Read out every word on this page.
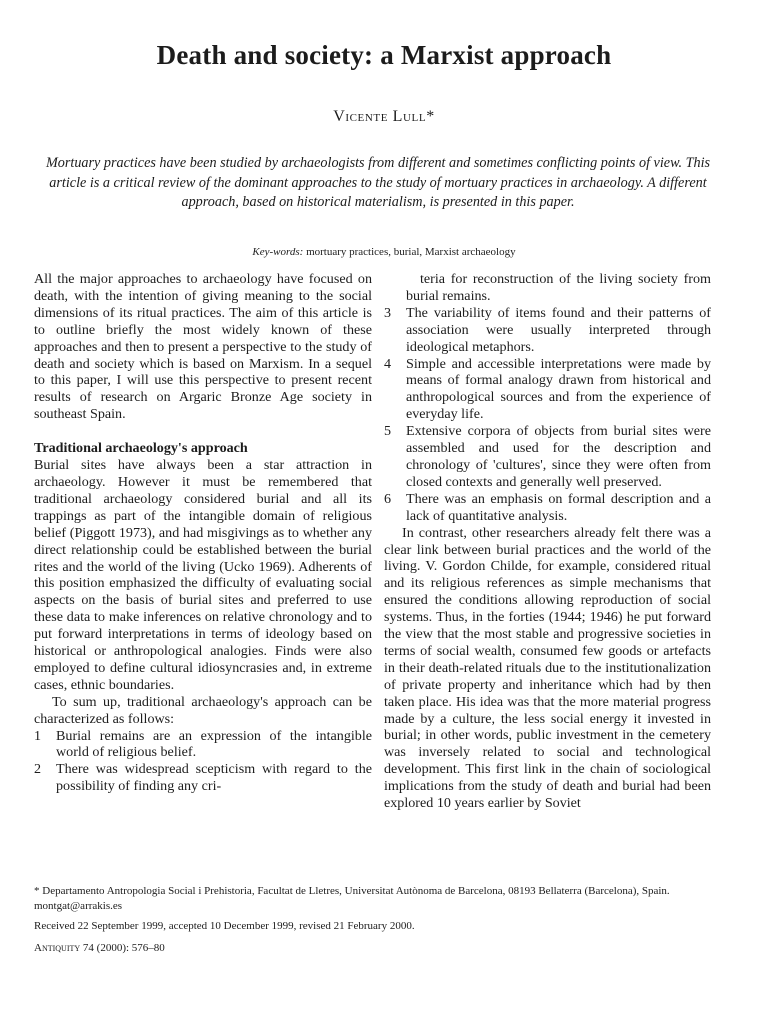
Death and society: a Marxist approach
Vicente Lull*

Mortuary practices have been studied by archaeologists from different and sometimes conflicting points of view. This article is a critical review of the dominant approaches to the study of mortuary practices in archaeology. A different approach, based on historical materialism, is presented in this paper.

Key-words: mortuary practices, burial, Marxist archaeology

All the major approaches to archaeology have focused on death, with the intention of giving meaning to the social dimensions of its ritual practices. The aim of this article is to outline briefly the most widely known of these approaches and then to present a perspective to the study of death and society which is based on Marxism. In a sequel to this paper, I will use this perspective to present recent results of research on Argaric Bronze Age society in southeast Spain.

Traditional archaeology's approach

Burial sites have always been a star attraction in archaeology. However it must be remembered that traditional archaeology considered burial and all its trappings as part of the intangible domain of religious belief (Piggott 1973), and had misgivings as to whether any direct relationship could be established between the burial rites and the world of the living (Ucko 1969). Adherents of this position emphasized the difficulty of evaluating social aspects on the basis of burial sites and preferred to use these data to make inferences on relative chronology and to put forward interpretations in terms of ideology based on historical or anthropological analogies. Finds were also employed to define cultural idiosyncrasies and, in extreme cases, ethnic boundaries.

To sum up, traditional archaeology's approach can be characterized as follows:

1 Burial remains are an expression of the intangible world of religious belief.
2 There was widespread scepticism with regard to the possibility of finding any cri-

teria for reconstruction of the living society from burial remains.

3 The variability of items found and their patterns of association were usually interpreted through ideological metaphors.
4 Simple and accessible interpretations were made by means of formal analogy drawn from historical and anthropological sources and from the experience of everyday life.
5 Extensive corpora of objects from burial sites were assembled and used for the description and chronology of 'cultures', since they were often from closed contexts and generally well preserved.
6 There was an emphasis on formal description and a lack of quantitative analysis.

In contrast, other researchers already felt there was a clear link between burial practices and the world of the living. V. Gordon Childe, for example, considered ritual and its religious references as simple mechanisms that ensured the conditions allowing reproduction of social systems. Thus, in the forties (1944; 1946) he put forward the view that the most stable and progressive societies in terms of social wealth, consumed few goods or artefacts in their death-related rituals due to the institutionalization of private property and inheritance which had by then taken place. His idea was that the more material progress made by a culture, the less social energy it invested in burial; in other words, public investment in the cemetery was inversely related to social and technological development. This first link in the chain of sociological implications from the study of death and burial had been explored 10 years earlier by Soviet

* Departamento Antropologia Social i Prehistoria, Facultat de Lletres, Universitat Autònoma de Barcelona, 08193 Bellaterra (Barcelona), Spain. montgat@arrakis.es

Received 22 September 1999, accepted 10 December 1999, revised 21 February 2000.

Antiquity 74 (2000): 576–80
